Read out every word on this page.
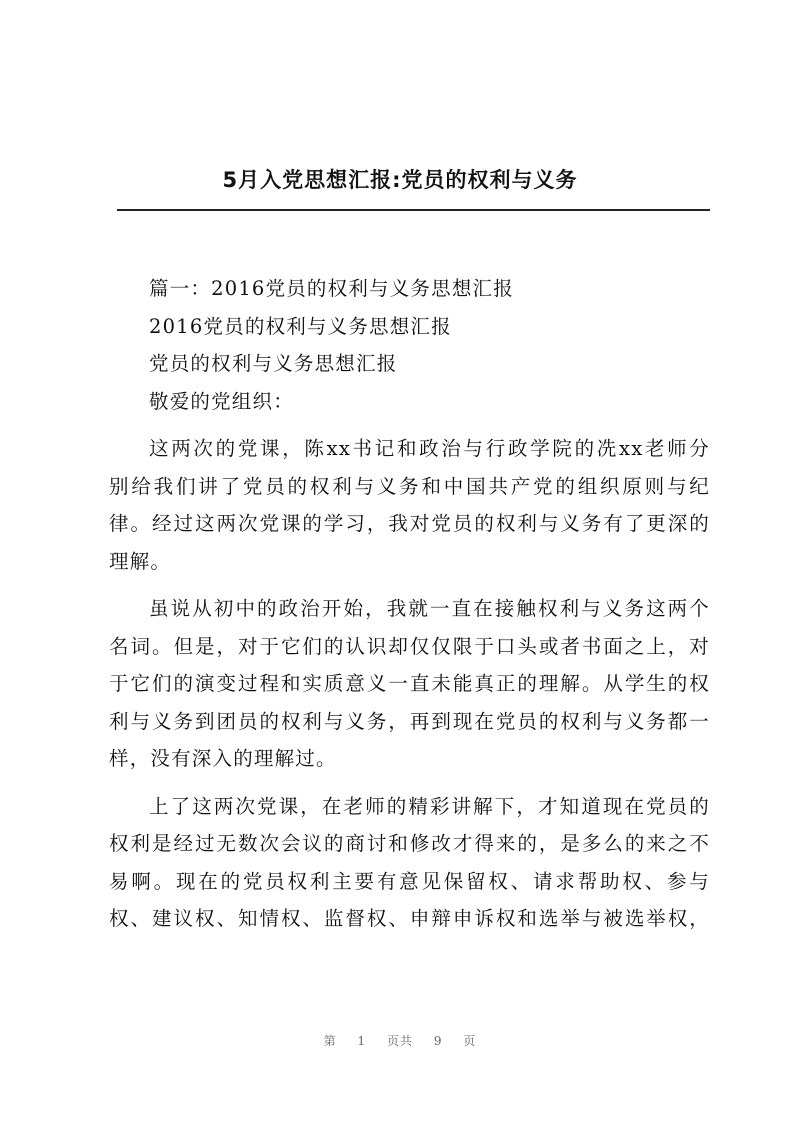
5月入党思想汇报:党员的权利与义务
篇一：2016党员的权利与义务思想汇报
2016党员的权利与义务思想汇报
党员的权利与义务思想汇报
敬爱的党组织：
这两次的党课，陈xx书记和政治与行政学院的冼xx老师分
别给我们讲了党员的权利与义务和中国共产党的组织原则与纪
律。经过这两次党课的学习，我对党员的权利与义务有了更深的
理解。
虽说从初中的政治开始，我就一直在接触权利与义务这两个
名词。但是，对于它们的认识却仅仅限于口头或者书面之上，对
于它们的演变过程和实质意义一直未能真正的理解。从学生的权
利与义务到团员的权利与义务，再到现在党员的权利与义务都一
样，没有深入的理解过。
上了这两次党课，在老师的精彩讲解下，才知道现在党员的
权利是经过无数次会议的商讨和修改才得来的，是多么的来之不
易啊。现在的党员权利主要有意见保留权、请求帮助权、参与
权、建议权、知情权、监督权、申辩申诉权和选举与被选举权，
第 1 页共 9 页
